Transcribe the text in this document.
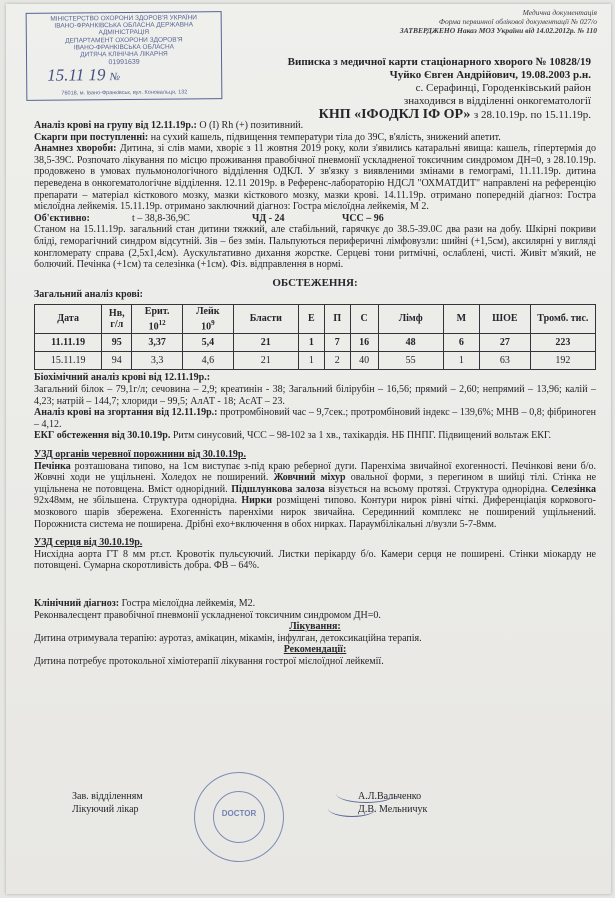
МІНІСТЕРСТВО ОХОРОНИ ЗДОРОВ'Я УКРАЇНИ
ІВАНО-ФРАНКІВСЬКА ОБЛАСНА ДЕРЖАВНА
АДМІНІСТРАЦІЯ
ДЕПАРТАМЕНТ ОХОРОНИ ЗДОРОВ'Я
ІВАНО-ФРАНКІВСЬКА ОБЛАСНА
ДИТЯЧА КЛІНІЧНА ЛІКАРНЯ
01991639
15.11 19 №
76018, м. Івано-Франківськ, вул. Коновальця, 132
Медична документація
Форма первинної облікової документації № 027/о
ЗАТВЕРДЖЕНО Наказ МОЗ України від 14.02.2012р. № 110
Виписка з медичної карти стаціонарного хворого № 10828/19
Чуйко Євген Андрійович, 19.08.2003 р.н.
с. Серафинці, Городенківський район
знаходився в відділенні онкогематології
КНП «ІФОДКЛ ІФ ОР» з 28.10.19р. по 15.11.19р.

Аналіз крові на групу від 12.11.19р.: О (І) Rh (+) позитивний.

Скарги при поступленні: на сухий кашель, підвищення температури тіла до 39С, в'ялість, знижений апетит.

Анамнез хвороби: Дитина, зі слів мами, хворіє з 11 жовтня 2019 року, коли з'явились катаральні явища: кашель, гіпертермія до 38,5-39С. Розпочато лікування по місцю проживання правобічної пневмонії ускладненої токсичним синдромом ДН=0, з 28.10.19р. продовжено в умовах пульмонологічного відділення ОДКЛ. У зв'язку з виявленими змінами в гемограмі, 11.11.19р. дитина переведена в онкогематологічне відділення. 12.11 2019р. в Референс-лабораторію НДСЛ "ОХМАТДИТ" направлені на референцію препарати – матеріал кісткового мозку, мазки кісткового мозку, мазки крові. 14.11.19р. отримано попередній діагноз: Гостра мієлоїдна лейкемія. 15.11.19р. отримано заключний діагноз: Гостра мієлоїдна лейкемія, М 2.

Об'єктивно:	t – 38,8-36,9С	ЧД - 24	ЧСС – 96

Станом на 15.11.19р. загальний стан дитини тяжкий, але стабільний, гарячкує до 38.5-39.0С два рази на добу. Шкірні покриви бліді, геморагічний синдром відсутній. Зів – без змін. Пальпуються периферичні лімфовузли: шийні (+1,5см), аксилярні у вигляді конгломерату справа (2,5х1,4см). Аускультативно дихання жорстке. Серцеві тони ритмічні, ослаблені, чисті. Живіт м'який, не болючий. Печінка (+1см) та селезінка (+1см). Фіз. відправлення в нормі.

ОБСТЕЖЕННЯ:

Загальний аналіз крові:

Дата	Нв, г/л	Ерит.
$10^{12}$	Лейк
$10^9$	Бласти	Е	П	С	Лімф	М	ШОЕ	Тромб. тис.
11.11.19	95	3,37	5,4	21	1	7	16	48	6	27	223
15.11.19	94	3,3	4,6	21	1	2	40	55	1	63	192

Біохімічний аналіз крові від 12.11.19р.:
Загальний білок – 79,1г/л; сечовина – 2,9; креатинін - 38; Загальний білірубін – 16,56; прямий – 2,60; непрямий – 13,96; калій – 4,23; натрій – 144,7; хлориди – 99,5; АлАТ - 18; АсАТ – 23.

Аналіз крові на згортання від 12.11.19р.: протромбіновий час – 9,7сек.; протромбіновий індекс – 139,6%; МНВ – 0,8; фібриноген – 4,12.

ЕКГ обстеження від 30.10.19р. Ритм синусовий, ЧСС – 98-102 за 1 хв., тахікардія. НБ ПНПГ. Підвищений вольтаж ЕКГ.

УЗД органів черевної порожнини від 30.10.19р.

Печінка розташована типово, на 1см виступає з-під краю реберної дуги. Паренхіма звичайної ехогенності. Печінкові вени б/о. Жовчні ходи не ущільнені. Холедох не поширений. Жовчний міхур овальної форми, з перегином в шийці тілі. Стінка не ущільнена не потовщена. Вміст однорідний. Підшлункова залоза візується на всьому протязі. Структура однорідна. Селезінка 92х48мм, не збільшена. Структура однорідна. Нирки розміщені типово. Контури нирок рівні чіткі. Диференціація коркового-мозкового шарів збережена. Ехогенність паренхіми нирок звичайна. Серединний комплекс не поширений ущільнений. Порожниста система не поширена. Дрібні ехо+включення в обох нирках. Параумбілікальні л/вузли 5-7-8мм.

УЗД серця від 30.10.19р.

Нисхідна аорта ГТ 8 мм рт.ст. Кровотік пульсуючий. Листки перікарду б/о. Камери серця не поширені. Стінки міокарду не потовщені. Сумарна скоротливість добра. ФВ – 64%.

Клінічний діагноз: Гостра мієлоїдна лейкемія, М2.

Реконвалесцент правобічної пневмонії ускладненої токсичним синдромом ДН=0.

Лікування:

Дитина отримувала терапію: ауротаз, амікацин, мікамін, інфулган, детоксикаційна терапія.

Рекомендації:

Дитина потребує протокольної хіміотерапії лікування гострої мієлоїдної лейкемії.

DOCTOR
Зав. відділенням
Лікуючий лікар
А.Л.Вальченко
Д.В. Мельничук
